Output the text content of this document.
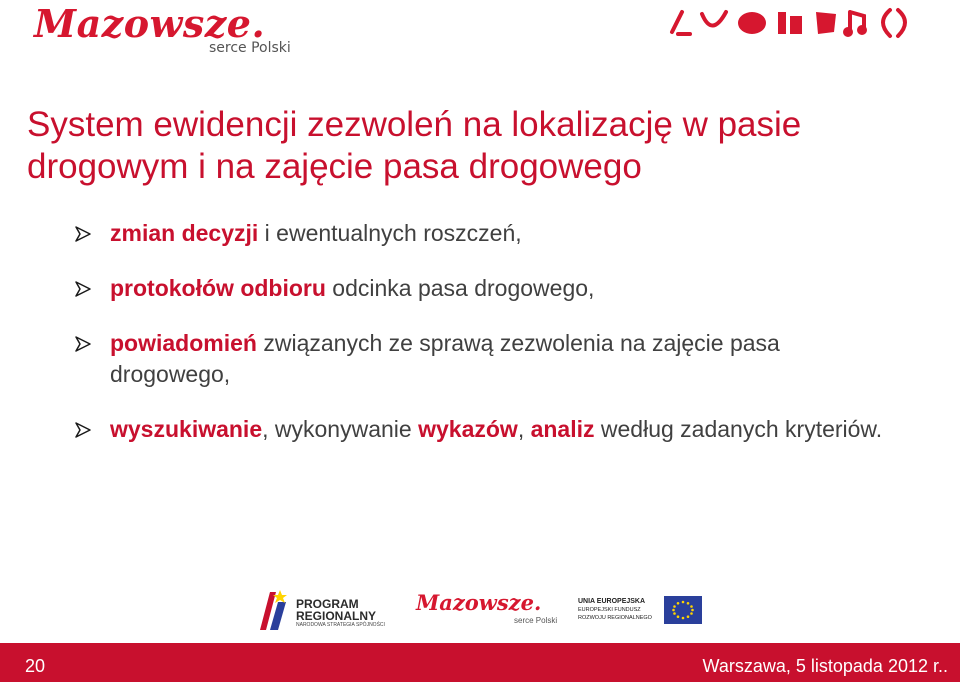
Mazowsze.
serce Polski
System ewidencji zezwoleń na lokalizację w pasie drogowym i na zajęcie pasa drogowego
zmian decyzji i ewentualnych roszczeń,
protokołów odbioru odcinka pasa drogowego,
powiadomień związanych ze sprawą zezwolenia na zajęcie pasa drogowego,
wyszukiwanie, wykonywanie wykazów, analiz według zadanych kryteriów.
PROGRAM
REGIONALNY
NARODOWA STRATEGIA SPÓJNOŚCI
Mazowsze.
serce Polski
UNIA EUROPEJSKA
EUROPEJSKI FUNDUSZ
ROZWOJU REGIONALNEGO
20	Warszawa, 5 listopada 2012 r..
